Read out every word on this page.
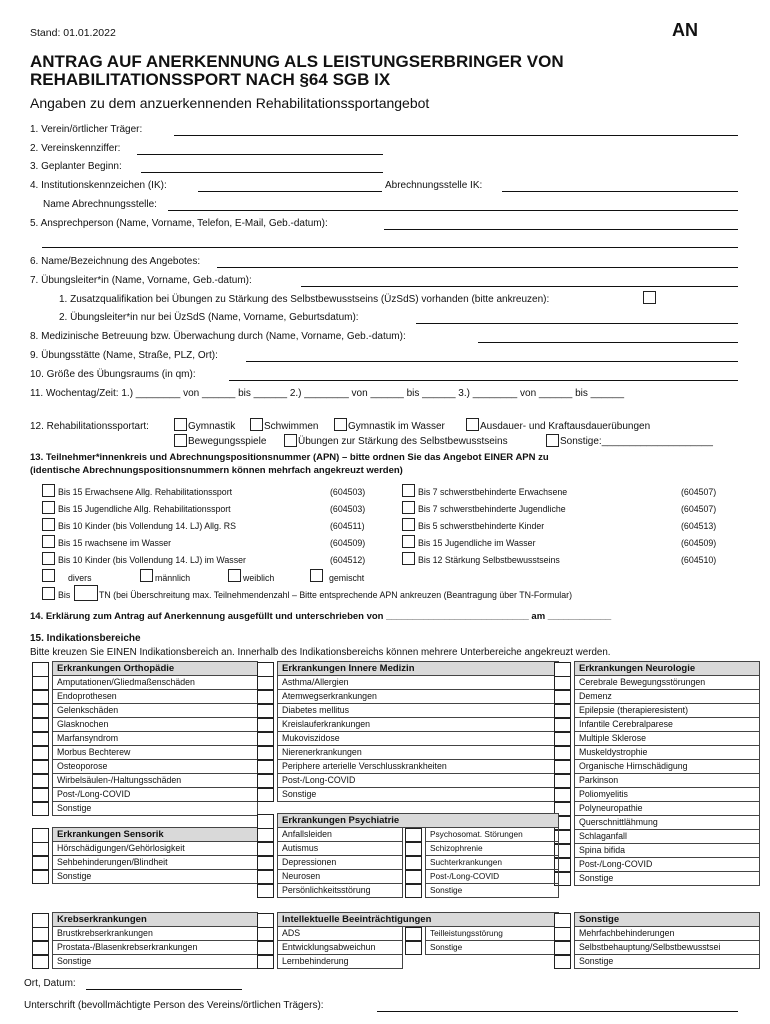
Stand: 01.01.2022	AN
ANTRAG AUF ANERKENNUNG ALS LEISTUNGSERBRINGER VON
REHABILITATIONSSPORT NACH §64 SGB IX
Angaben zu dem anzuerkennenden Rehabilitationssportangebot
1. Verein/örtlicher Träger:
2. Vereinskennziffer:
3. Geplanter Beginn:
4. Institutionskennzeichen (IK):	Abrechnungsstelle IK:
Name Abrechnungsstelle:
5. Ansprechperson (Name, Vorname, Telefon, E-Mail, Geb.-datum):
6. Name/Bezeichnung des Angebotes:
7. Übungsleiter*in (Name, Vorname, Geb.-datum):
1. Zusatzqualifikation bei Übungen zu Stärkung des Selbstbewusstseins (ÜzSdS) vorhanden (bitte ankreuzen):
2. Übungsleiter*in nur bei ÜzSdS (Name, Vorname, Geburtsdatum):
8. Medizinische Betreuung bzw. Überwachung durch (Name, Vorname, Geb.-datum):
9. Übungsstätte (Name, Straße, PLZ, Ort):
10. Größe des Übungsraums (in qm):
11. Wochentag/Zeit: 1.) ________ von ______ bis ______ 2.) ________ von ______ bis ______ 3.) ________ von ______ bis ______
12. Rehabilitationssportart:	Gymnastik	Schwimmen	Gymnastik im Wasser	Ausdauer- und Kraftausdauerübungen
Bewegungsspiele	Übungen zur Stärkung des Selbstbewusstseins	Sonstige:____________________
13. Teilnehmer*innenkreis und Abrechnungspositionsnummer (APN) – bitte ordnen Sie das Angebot EINER APN zu
(identische Abrechnungspositionsnummern können mehrfach angekreuzt werden)
Bis 15 Erwachsene Allg. Rehabilitationssport	(604503)
Bis 15 Jugendliche Allg. Rehabilitationssport	(604503)
Bis 10 Kinder (bis Vollendung 14. LJ) Allg. RS	(604511)
Bis 15 rwachsene im Wasser	(604509)
Bis 10 Kinder (bis Vollendung 14. LJ) im Wasser	(604512)
Bis 7 schwerstbehinderte Erwachsene	(604507)
Bis 7 schwerstbehinderte Jugendliche	(604507)
Bis 5 schwerstbehinderte Kinder	(604513)
Bis 15 Jugendliche im Wasser	(604509)
Bis 12 Stärkung Selbstbewusstseins	(604510)
divers	männlich	weiblich	gemischt
Bis	TN (bei Überschreitung max. Teilnehmendenzahl – Bitte entsprechende APN ankreuzen (Beantragung über TN-Formular)
14. Erklärung zum Antrag auf Anerkennung ausgefüllt und unterschrieben von ___________________________ am ____________
15. Indikationsbereiche
Bitte kreuzen Sie EINEN Indikationsbereich an. Innerhalb des Indikationsbereichs können mehrere Unterbereiche angekreuzt werden.
Erkrankungen Orthopädie
Amputationen/Gliedmaßenschäden
Endoprothesen
Gelenkschäden
Glasknochen
Marfansyndrom
Morbus Bechterew
Osteoporose
Wirbelsäulen-/Haltungsschäden
Post-/Long-COVID
Sonstige
Erkrankungen Innere Medizin
Asthma/Allergien
Atemwegserkrankungen
Diabetes mellitus
Kreislauferkrankungen
Mukoviszidose
Nierenerkrankungen
Periphere arterielle Verschlusskrankheiten
Post-/Long-COVID
Sonstige
Erkrankungen Neurologie
Cerebrale Bewegungsstörungen
Demenz
Epilepsie (therapieresistent)
Infantile Cerebralparese
Multiple Sklerose
Muskeldystrophie
Organische Hirnschädigung
Parkinson
Poliomyelitis
Polyneuropathie
Querschnittlähmung
Schlaganfall
Spina bifida
Post-/Long-COVID
Sonstige
Erkrankungen Sensorik
Hörschädigungen/Gehörlosigkeit
Sehbehinderungen/Blindheit
Sonstige
Erkrankungen Psychiatrie
Anfallsleiden	Psychosomat. Störungen
Autismus	Schizophrenie
Depressionen	Suchterkrankungen
Neurosen	Post-/Long-COVID
Persönlichkeitsstörung	Sonstige
Krebserkrankungen
Brustkrebserkrankungen
Prostata-/Blasenkrebserkrankungen
Sonstige
Intellektuelle Beeinträchtigungen
ADS	Teilleistungsstörung
Entwicklungsabweichun	Sonstige
Lernbehinderung
Sonstige
Mehrfachbehinderungen
Selbstbehauptung/Selbstbewusstsei
Sonstige
Ort, Datum:
Unterschrift (bevollmächtigte Person des Vereins/örtlichen Trägers):
